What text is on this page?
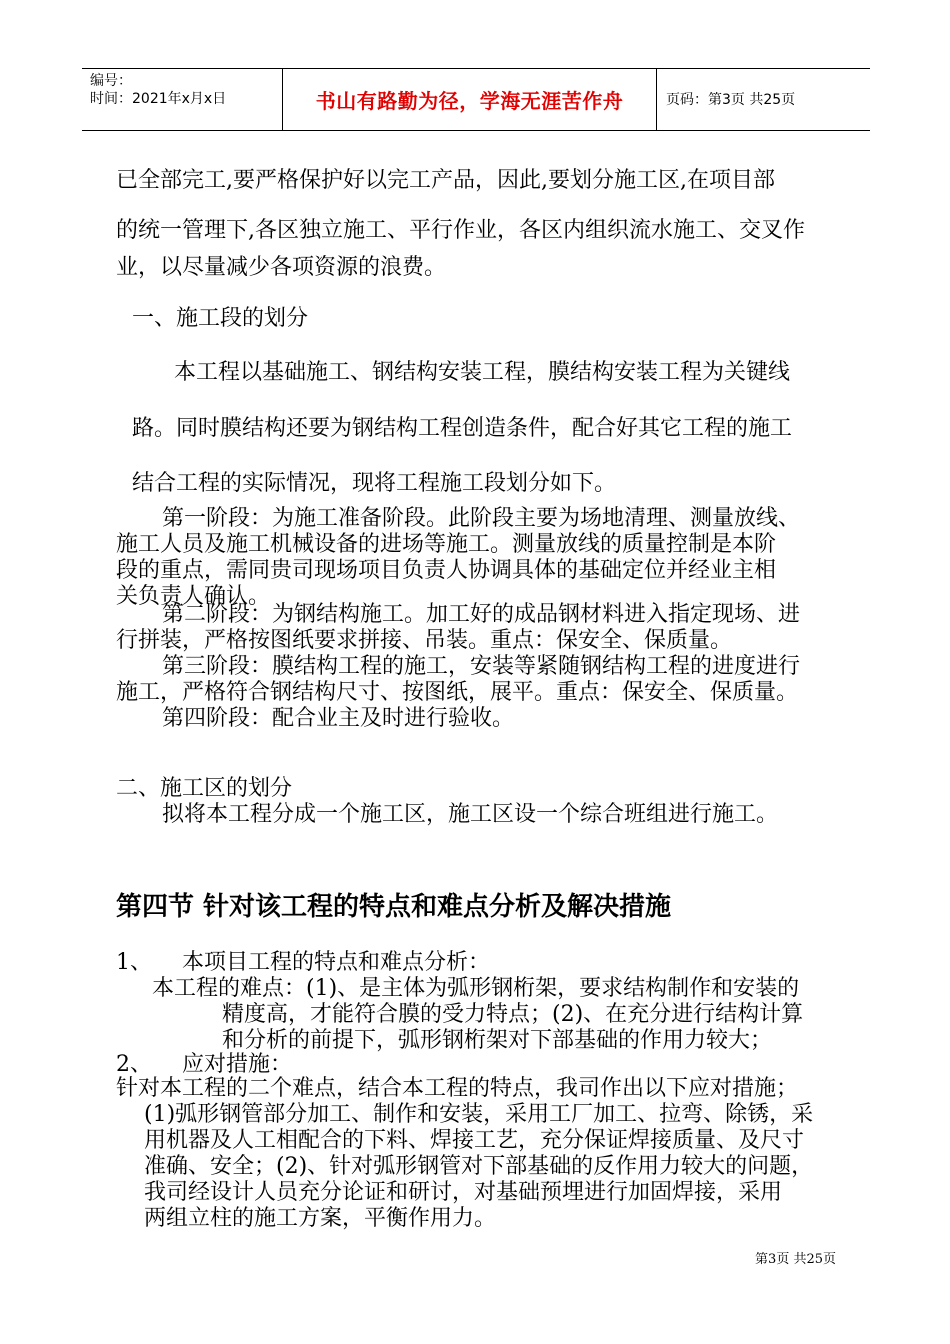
编号：
时间：2021年x月x日	书山有路勤为径，学海无涯苦作舟	页码：第3页 共25页
已全部完工,要严格保护好以完工产品，因此,要划分施工区,在项目部
的统一管理下,各区独立施工、平行作业，各区内组织流水施工、交叉作
业，以尽量减少各项资源的浪费。
一、施工段的划分
本工程以基础施工、钢结构安装工程，膜结构安装工程为关键线
路。同时膜结构还要为钢结构工程创造条件，配合好其它工程的施工
结合工程的实际情况，现将工程施工段划分如下。
第一阶段：为施工准备阶段。此阶段主要为场地清理、测量放线、
施工人员及施工机械设备的进场等施工。测量放线的质量控制是本阶
段的重点，需同贵司现场项目负责人协调具体的基础定位并经业主相
关负责人确认。
第二阶段：为钢结构施工。加工好的成品钢材料进入指定现场、进
行拼装，严格按图纸要求拼接、吊装。重点：保安全、保质量。
第三阶段：膜结构工程的施工，安装等紧随钢结构工程的进度进行
施工，严格符合钢结构尺寸、按图纸，展平。重点：保安全、保质量。
第四阶段：配合业主及时进行验收。
二、施工区的划分
拟将本工程分成一个施工区，施工区设一个综合班组进行施工。
第四节 针对该工程的特点和难点分析及解决措施
1、 本项目工程的特点和难点分析：
本工程的难点：(1)、是主体为弧形钢桁架，要求结构制作和安装的
精度高，才能符合膜的受力特点；(2)、在充分进行结构计算
和分析的前提下，弧形钢桁架对下部基础的作用力较大；
2、 应对措施：
针对本工程的二个难点，结合本工程的特点，我司作出以下应对措施；
(1)弧形钢管部分加工、制作和安装，采用工厂加工、拉弯、除锈，采
用机器及人工相配合的下料、焊接工艺，充分保证焊接质量、及尺寸
准确、安全；(2)、针对弧形钢管对下部基础的反作用力较大的问题，
我司经设计人员充分论证和研讨，对基础预埋进行加固焊接，采用
两组立柱的施工方案，平衡作用力。
第3页 共25页
